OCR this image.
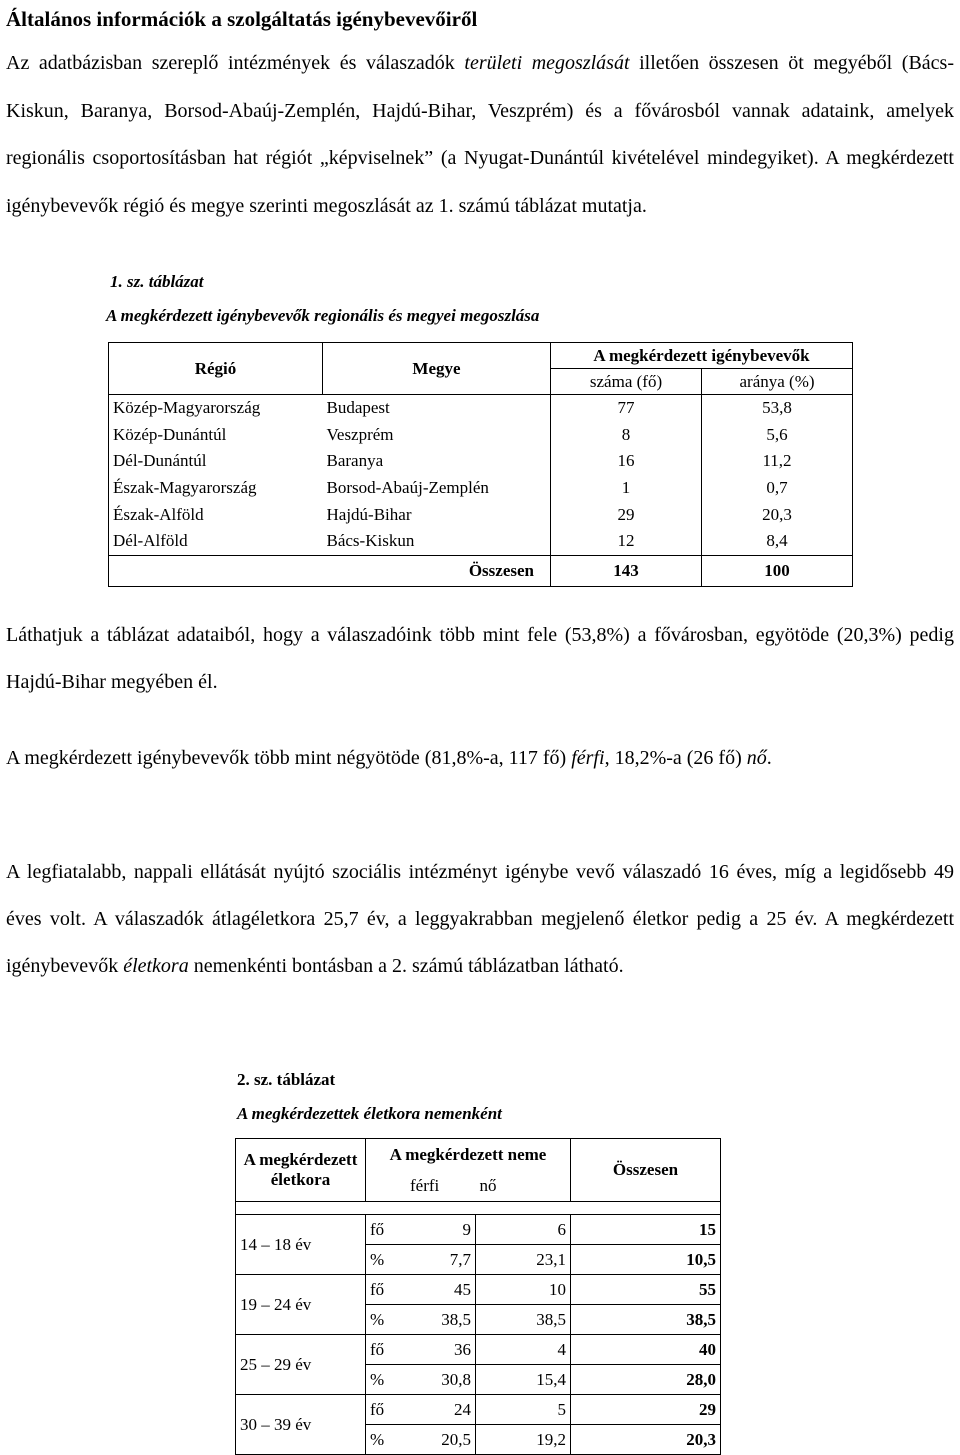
Általános információk a szolgáltatás igénybevevőiről

Az adatbázisban szereplő intézmények és válaszadók területi megoszlását illetően összesen öt megyéből (Bács-Kiskun, Baranya, Borsod-Abaúj-Zemplén, Hajdú-Bihar, Veszprém) és a fővárosból vannak adataink, amelyek regionális csoportosításban hat régiót „képviselnek” (a Nyugat-Dunántúl kivételével mindegyiket). A megkérdezett igénybevevők régió és megye szerinti megoszlását az 1. számú táblázat mutatja.

1. sz. táblázat
A megkérdezett igénybevevők regionális és megyei megoszlása
Régió	Megye	A megkérdezett igénybevevők	
		száma (fő)	aránya (%)
Közép-Magyarország	Budapest	77	53,8
Közép-Dunántúl	Veszprém	8	5,6
Dél-Dunántúl	Baranya	16	11,2
Észak-Magyarország	Borsod-Abaúj-Zemplén	1	0,7
Észak-Alföld	Hajdú-Bihar	29	20,3
Dél-Alföld	Bács-Kiskun	12	8,4
Összesen		143	100

Láthatjuk a táblázat adataiból, hogy a válaszadóink több mint fele (53,8%) a fővárosban, egyötöde (20,3%) pedig Hajdú-Bihar megyében él.

A megkérdezett igénybevevők több mint négyötöde (81,8%-a, 117 fő) férfi, 18,2%-a (26 fő) nő.

A legfiatalabb, nappali ellátását nyújtó szociális intézményt igénybe vevő válaszadó 16 éves, míg a legidősebb 49 éves volt. A válaszadók átlagéletkora 25,7 év, a leggyakrabban megjelenő életkor pedig a 25 év. A megkérdezett igénybevevők életkora nemenkénti bontásban a 2. számú táblázatban látható.

2. sz. táblázat
A megkérdezettek életkora nemenként
A megkérdezett életkora	A megkérdezett neme			Összesen
	férfi		nő	

14 – 18 év	fő	9	6	15
	%	7,7	23,1	10,5
19 – 24 év	fő	45	10	55
	%	38,5	38,5	38,5
25 – 29 év	fő	36	4	40
	%	30,8	15,4	28,0
30 – 39 év	fő	24	5	29
	%	20,5	19,2	20,3
